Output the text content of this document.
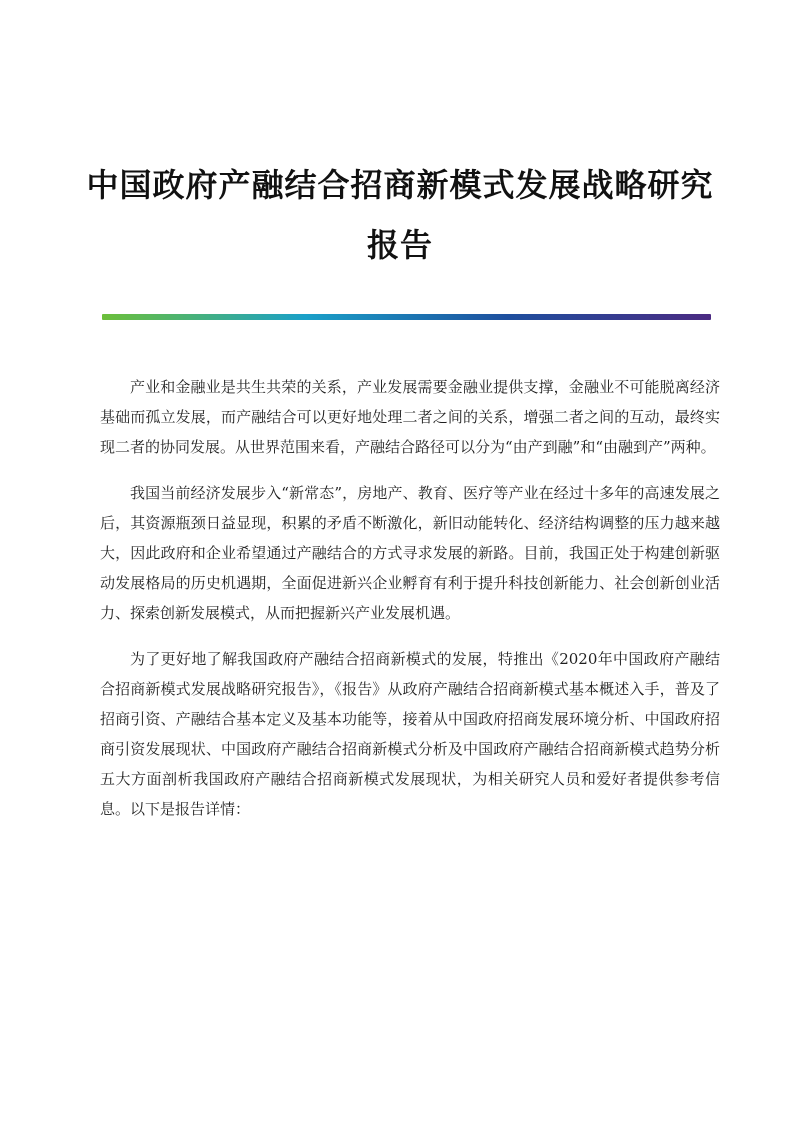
中国政府产融结合招商新模式发展战略研究报告

产业和金融业是共生共荣的关系，产业发展需要金融业提供支撑，金融业不可能脱离经济基础而孤立发展，而产融结合可以更好地处理二者之间的关系，增强二者之间的互动，最终实现二者的协同发展。从世界范围来看，产融结合路径可以分为“由产到融”和“由融到产”两种。

我国当前经济发展步入“新常态”，房地产、教育、医疗等产业在经过十多年的高速发展之后，其资源瓶颈日益显现，积累的矛盾不断激化，新旧动能转化、经济结构调整的压力越来越大，因此政府和企业希望通过产融结合的方式寻求发展的新路。目前，我国正处于构建创新驱动发展格局的历史机遇期，全面促进新兴企业孵育有利于提升科技创新能力、社会创新创业活力、探索创新发展模式，从而把握新兴产业发展机遇。

为了更好地了解我国政府产融结合招商新模式的发展，特推出《2020年中国政府产融结合招商新模式发展战略研究报告》，《报告》从政府产融结合招商新模式基本概述入手，普及了招商引资、产融结合基本定义及基本功能等，接着从中国政府招商发展环境分析、中国政府招商引资发展现状、中国政府产融结合招商新模式分析及中国政府产融结合招商新模式趋势分析五大方面剖析我国政府产融结合招商新模式发展现状，为相关研究人员和爱好者提供参考信息。以下是报告详情：
